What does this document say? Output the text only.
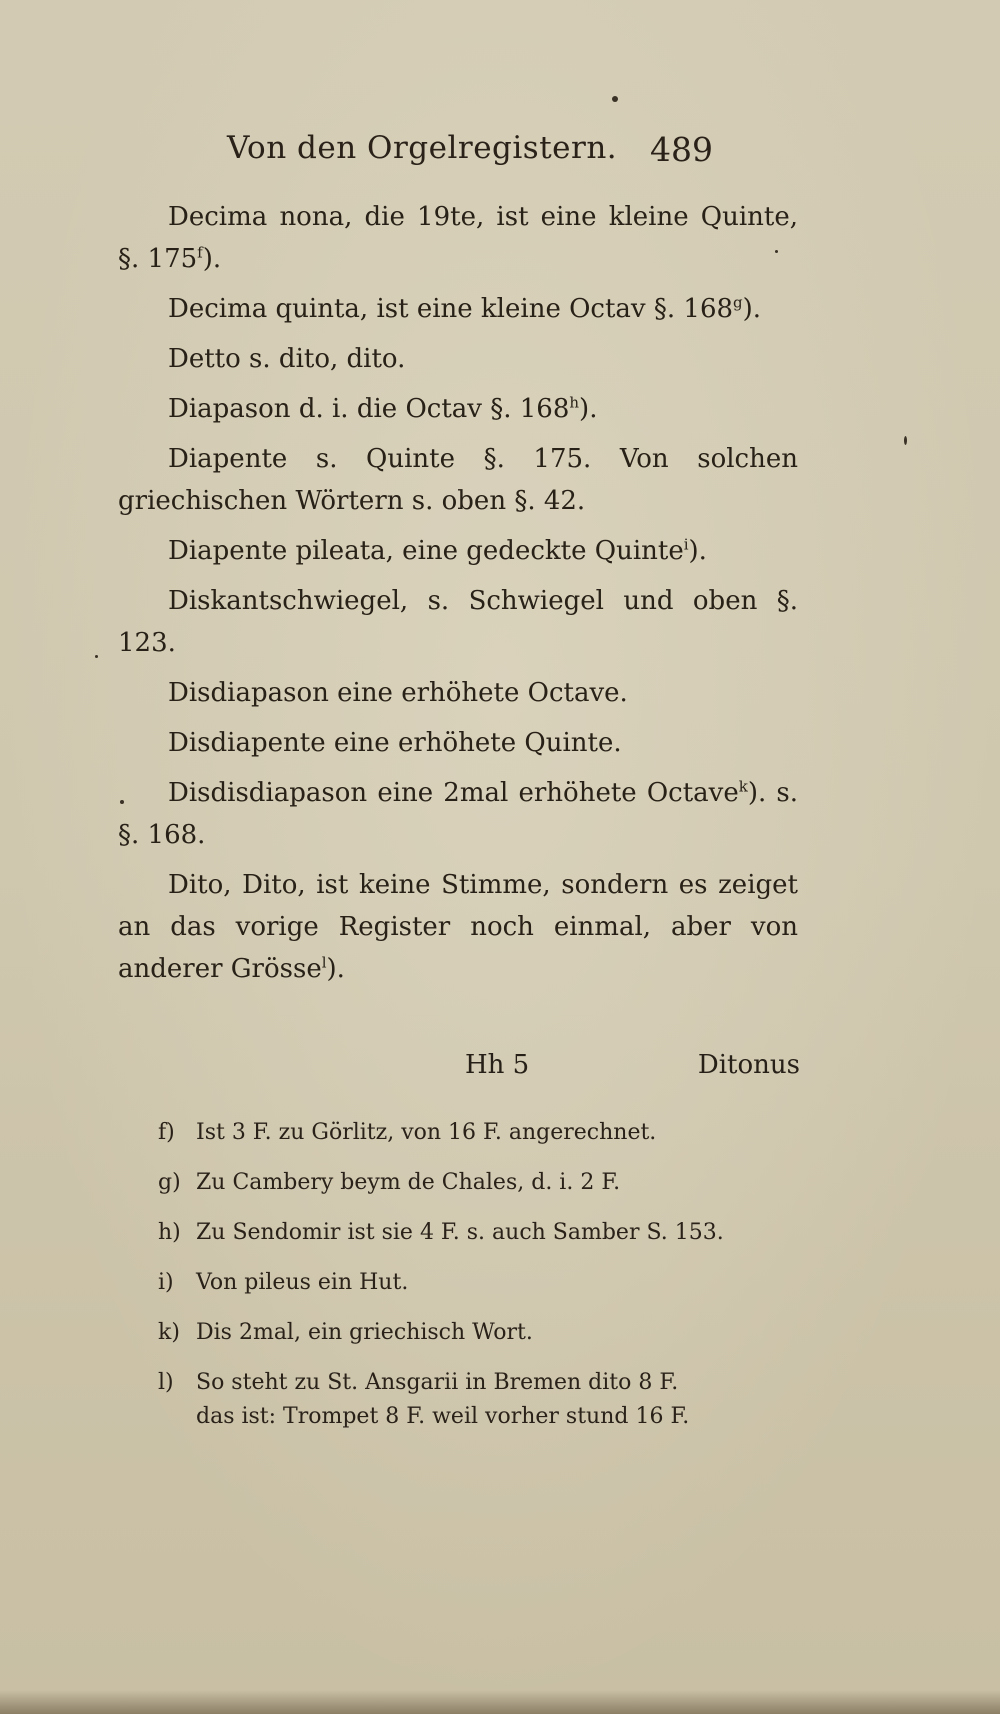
Von den Orgelregistern. 489
Decima nona, die 19te, ist eine kleine Quinte, §. 175$^f$).
Decima quinta, ist eine kleine Octav §. 168$^g$).
Detto s. dito, dito.
Diapason d. i. die Octav §. 168$^h$).
Diapente s. Quinte §. 175. Von solchen griechischen Wörtern s. oben §. 42.
Diapente pileata, eine gedeckte Quinte$^i$).
Diskantschwiegel, s. Schwiegel und oben §. 123.
Disdiapason eine erhöhete Octave.
Disdiapente eine erhöhete Quinte.
Disdisdiapason eine 2mal erhöhete Octave$^k$). s. §. 168.
Dito, Dito, ist keine Stimme, sondern es zeiget an das vorige Register noch einmal, aber von anderer Grösse$^l$).
Hh 5	Ditonus
f) Ist 3 F. zu Görlitz, von 16 F. angerechnet.
g) Zu Cambery beym de Chales, d. i. 2 F.
h) Zu Sendomir ist sie 4 F. s. auch Samber S. 153.
i) Von pileus ein Hut.
k) Dis 2mal, ein griechisch Wort.
l) So steht zu St. Ansgarii in Bremen dito 8 F.
das ist: Trompet 8 F. weil vorher stund 16 F.
